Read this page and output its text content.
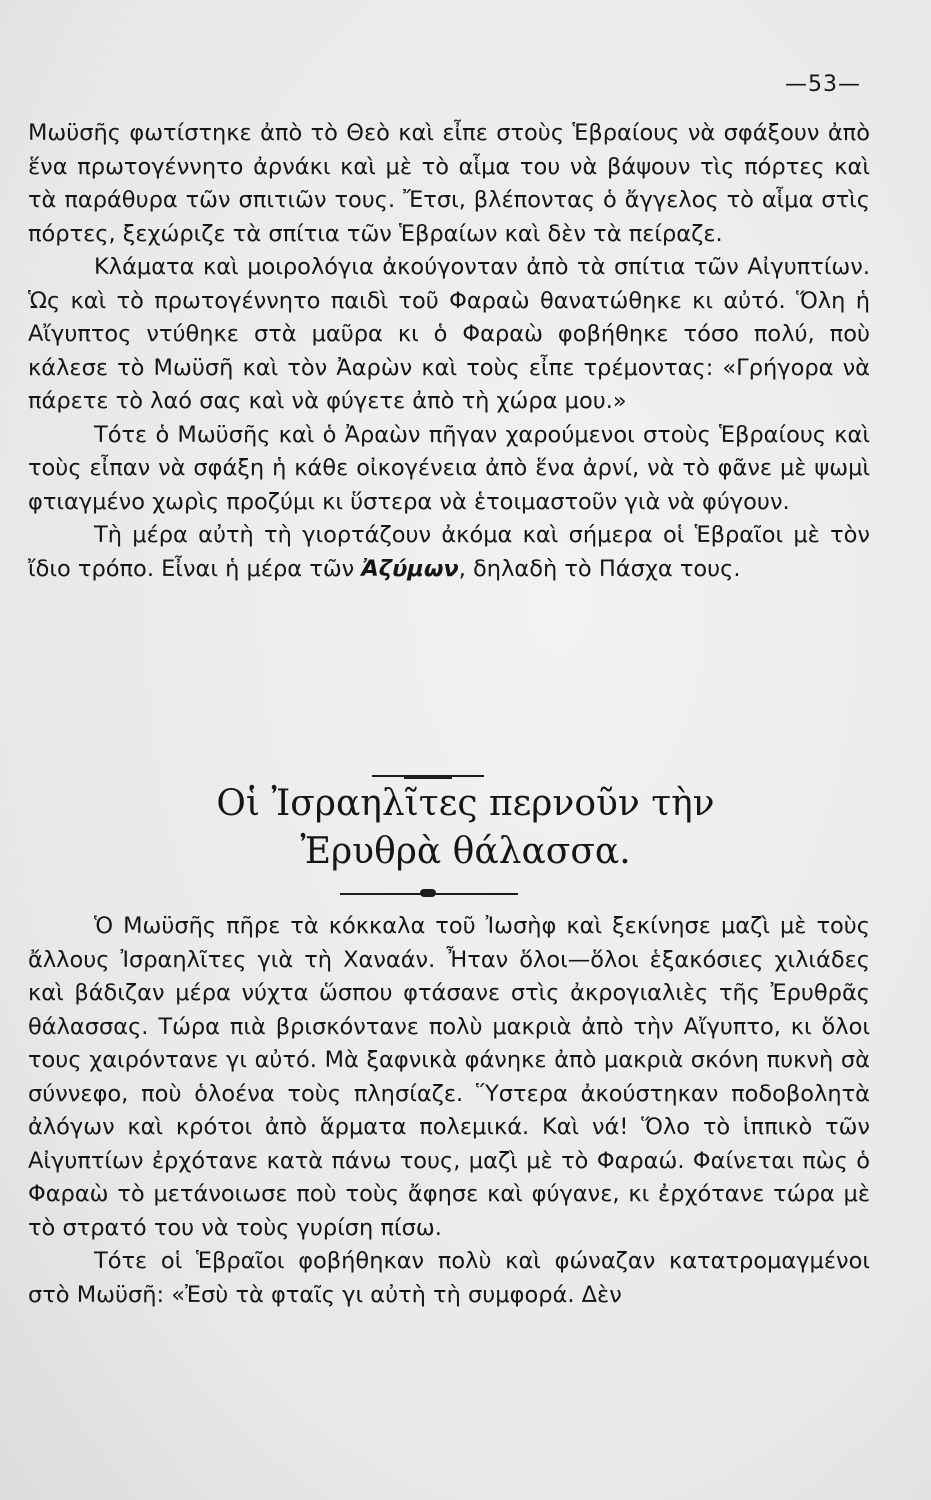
—53—

Μωϋσῆς φωτίστηκε ἀπὸ τὸ Θεὸ καὶ εἶπε στοὺς Ἑβραίους νὰ σφάξουν ἀπὸ ἕνα πρωτογέννητο ἀρνάκι καὶ μὲ τὸ αἷμα του νὰ βάψουν τὶς πόρτες καὶ τὰ παράθυρα τῶν σπιτιῶν τους. Ἔτσι, βλέποντας ὁ ἄγγελος τὸ αἷμα στὶς πόρτες, ξεχώριζε τὰ σπίτια τῶν Ἑβραίων καὶ δὲν τὰ πείραζε.

Κλάματα καὶ μοιρολόγια ἀκούγονταν ἀπὸ τὰ σπίτια τῶν Αἰγυπτίων. Ὡς καὶ τὸ πρωτογέννητο παιδὶ τοῦ Φαραὼ θανατώθηκε κι αὐτό. Ὅλη ἡ Αἴγυπτος ντύθηκε στὰ μαῦρα κι ὁ Φαραὼ φοβήθηκε τόσο πολύ, ποὺ κάλεσε τὸ Μωϋσῆ καὶ τὸν Ἀαρὼν καὶ τοὺς εἶπε τρέμοντας: «Γρήγορα νὰ πάρετε τὸ λαό σας καὶ νὰ φύγετε ἀπὸ τὴ χώρα μου.»

Τότε ὁ Μωϋσῆς καὶ ὁ Ἀραὼν πῆγαν χαρούμενοι στοὺς Ἑβραίους καὶ τοὺς εἶπαν νὰ σφάξη ἡ κάθε οἰκογένεια ἀπὸ ἕνα ἀρνί, νὰ τὸ φᾶνε μὲ ψωμὶ φτιαγμένο χωρὶς προζύμι κι ὕστερα νὰ ἑτοιμαστοῦν γιὰ νὰ φύγουν.

Τὴ μέρα αὐτὴ τὴ γιορτάζουν ἀκόμα καὶ σήμερα οἱ Ἑβραῖοι μὲ τὸν ἴδιο τρόπο. Εἶναι ἡ μέρα τῶν Ἀζύμων, δηλαδὴ τὸ Πάσχα τους.

Οἱ Ἰσραηλῖτες περνοῦν τὴν
Ἐρυθρὰ θάλασσα.

Ὁ Μωϋσῆς πῆρε τὰ κόκκαλα τοῦ Ἰωσὴφ καὶ ξεκίνησε μαζὶ μὲ τοὺς ἄλλους Ἰσραηλῖτες γιὰ τὴ Χαναάν. Ἦταν ὅλοι—ὅλοι ἑξακόσιες χιλιάδες καὶ βάδιζαν μέρα νύχτα ὥσπου φτάσανε στὶς ἀκρογιαλιὲς τῆς Ἐρυθρᾶς θάλασσας. Τώρα πιὰ βρισκόντανε πολὺ μακριὰ ἀπὸ τὴν Αἴγυπτο, κι ὅλοι τους χαιρόντανε γι αὐτό. Μὰ ξαφνικὰ φάνηκε ἀπὸ μακριὰ σκόνη πυκνὴ σὰ σύννεφο, ποὺ ὁλοένα τοὺς πλησίαζε. Ὕστερα ἀκούστηκαν ποδοβολητὰ ἀλόγων καὶ κρότοι ἀπὸ ἅρματα πολεμικά. Καὶ νά! Ὅλο τὸ ἱππικὸ τῶν Αἰγυπτίων ἐρχότανε κατὰ πάνω τους, μαζὶ μὲ τὸ Φαραώ. Φαίνεται πὼς ὁ Φαραὼ τὸ μετάνοιωσε ποὺ τοὺς ἄφησε καὶ φύγανε, κι ἐρχότανε τώρα μὲ τὸ στρατό του νὰ τοὺς γυρίση πίσω.

Τότε οἱ Ἑβραῖοι φοβήθηκαν πολὺ καὶ φώναζαν κατατρομαγμένοι στὸ Μωϋσῆ: «Ἐσὺ τὰ φταῖς γι αὐτὴ τὴ συμφορά. Δὲν
